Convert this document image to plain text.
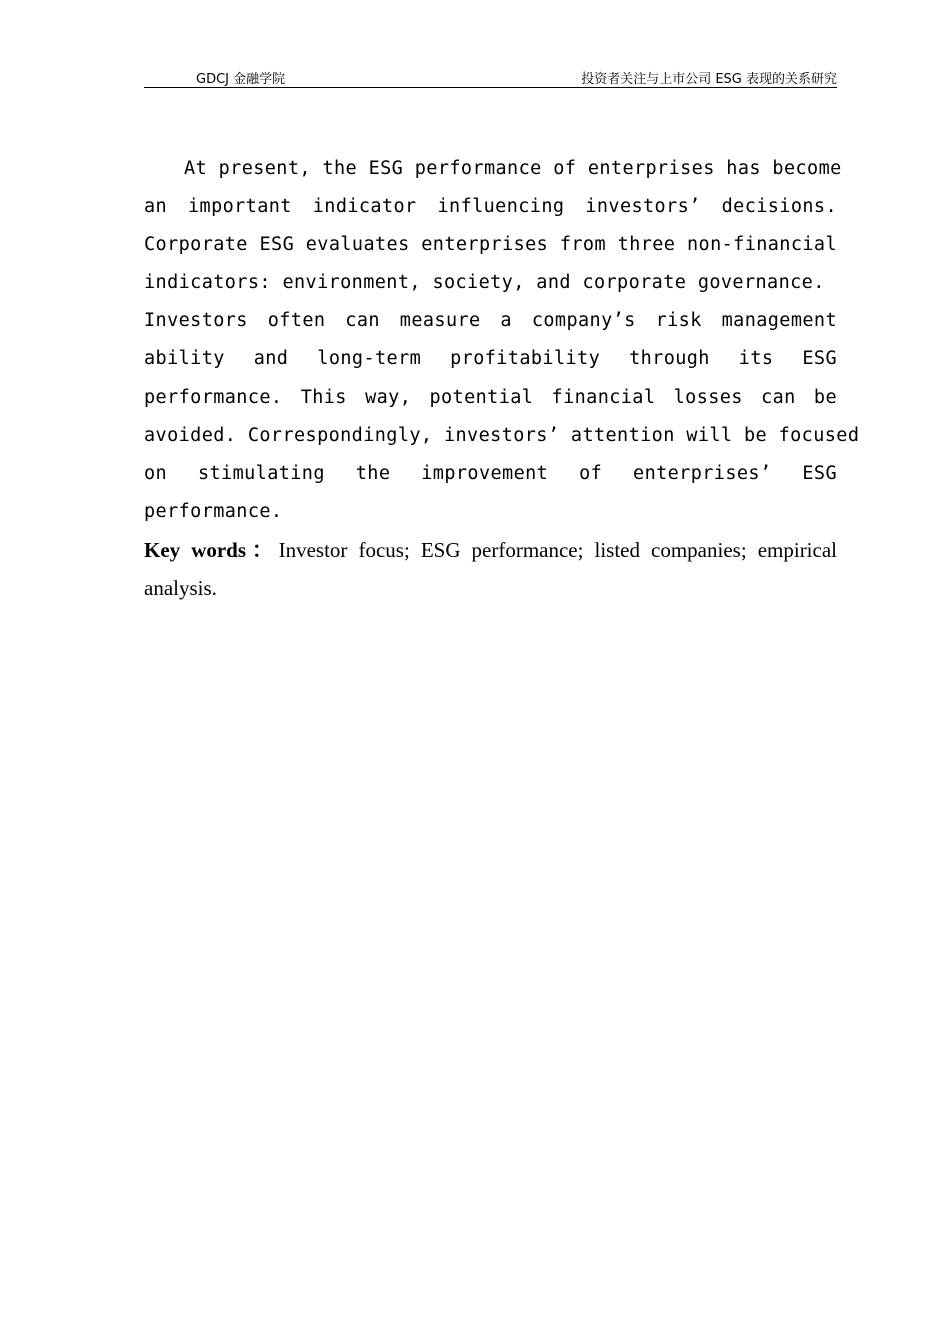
GDCJ 金融学院	投资者关注与上市公司 ESG 表现的关系研究

At present, the ESG performance of enterprises has become
an important indicator influencing investors’ decisions.
Corporate ESG evaluates enterprises from three non-financial
indicators: environment, society, and corporate governance.
Investors often can measure a company’s risk management
ability and long-term profitability through its ESG
performance. This way, potential financial losses can be
avoided. Correspondingly, investors’ attention will be focused
on stimulating the improvement of enterprises’ ESG
performance.

Key words：Investor focus; ESG performance; listed companies; empirical
analysis.
